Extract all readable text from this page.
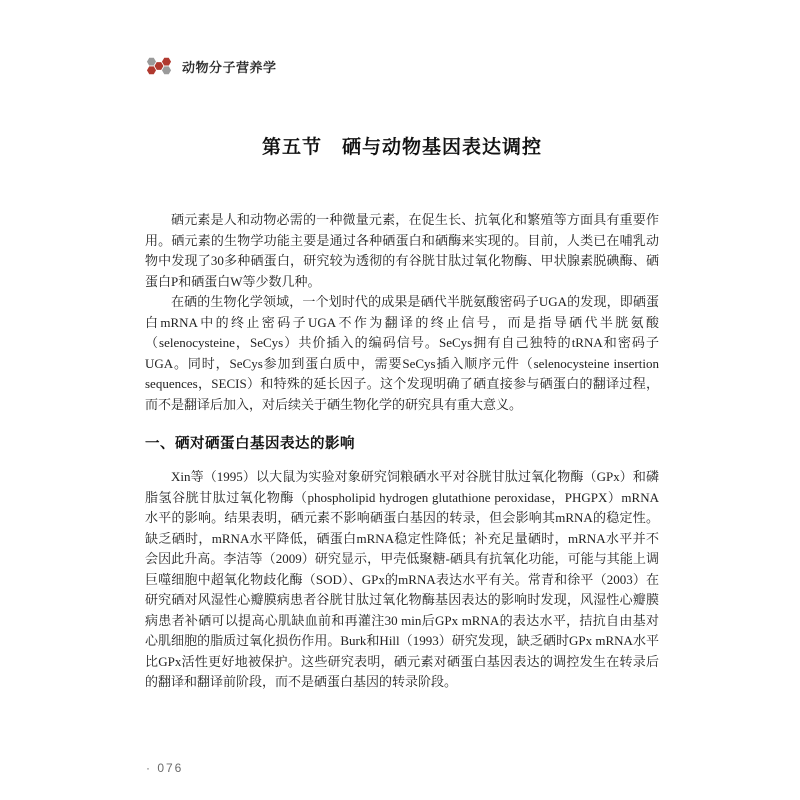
动物分子营养学
第五节　硒与动物基因表达调控

硒元素是人和动物必需的一种微量元素，在促生长、抗氧化和繁殖等方面具有重要作用。硒元素的生物学功能主要是通过各种硒蛋白和硒酶来实现的。目前，人类已在哺乳动物中发现了30多种硒蛋白，研究较为透彻的有谷胱甘肽过氧化物酶、甲状腺素脱碘酶、硒蛋白P和硒蛋白W等少数几种。

在硒的生物化学领域，一个划时代的成果是硒代半胱氨酸密码子UGA的发现，即硒蛋白mRNA中的终止密码子UGA不作为翻译的终止信号，而是指导硒代半胱氨酸（selenocysteine，SeCys）共价插入的编码信号。SeCys拥有自己独特的tRNA和密码子UGA。同时，SeCys参加到蛋白质中，需要SeCys插入顺序元件（selenocysteine insertion sequences，SECIS）和特殊的延长因子。这个发现明确了硒直接参与硒蛋白的翻译过程，而不是翻译后加入，对后续关于硒生物化学的研究具有重大意义。

一、硒对硒蛋白基因表达的影响

Xin等（1995）以大鼠为实验对象研究饲粮硒水平对谷胱甘肽过氧化物酶（GPx）和磷脂氢谷胱甘肽过氧化物酶（phospholipid hydrogen glutathione peroxidase，PHGPX）mRNA水平的影响。结果表明，硒元素不影响硒蛋白基因的转录，但会影响其mRNA的稳定性。缺乏硒时，mRNA水平降低，硒蛋白mRNA稳定性降低；补充足量硒时，mRNA水平并不会因此升高。李洁等（2009）研究显示，甲壳低聚糖-硒具有抗氧化功能，可能与其能上调巨噬细胞中超氧化物歧化酶（SOD）、GPx的mRNA表达水平有关。常青和徐平（2003）在研究硒对风湿性心瓣膜病患者谷胱甘肽过氧化物酶基因表达的影响时发现，风湿性心瓣膜病患者补硒可以提高心肌缺血前和再灌注30 min后GPx mRNA的表达水平，拮抗自由基对心肌细胞的脂质过氧化损伤作用。Burk和Hill（1993）研究发现，缺乏硒时GPx mRNA水平比GPx活性更好地被保护。这些研究表明，硒元素对硒蛋白基因表达的调控发生在转录后的翻译和翻译前阶段，而不是硒蛋白基因的转录阶段。

· 076
